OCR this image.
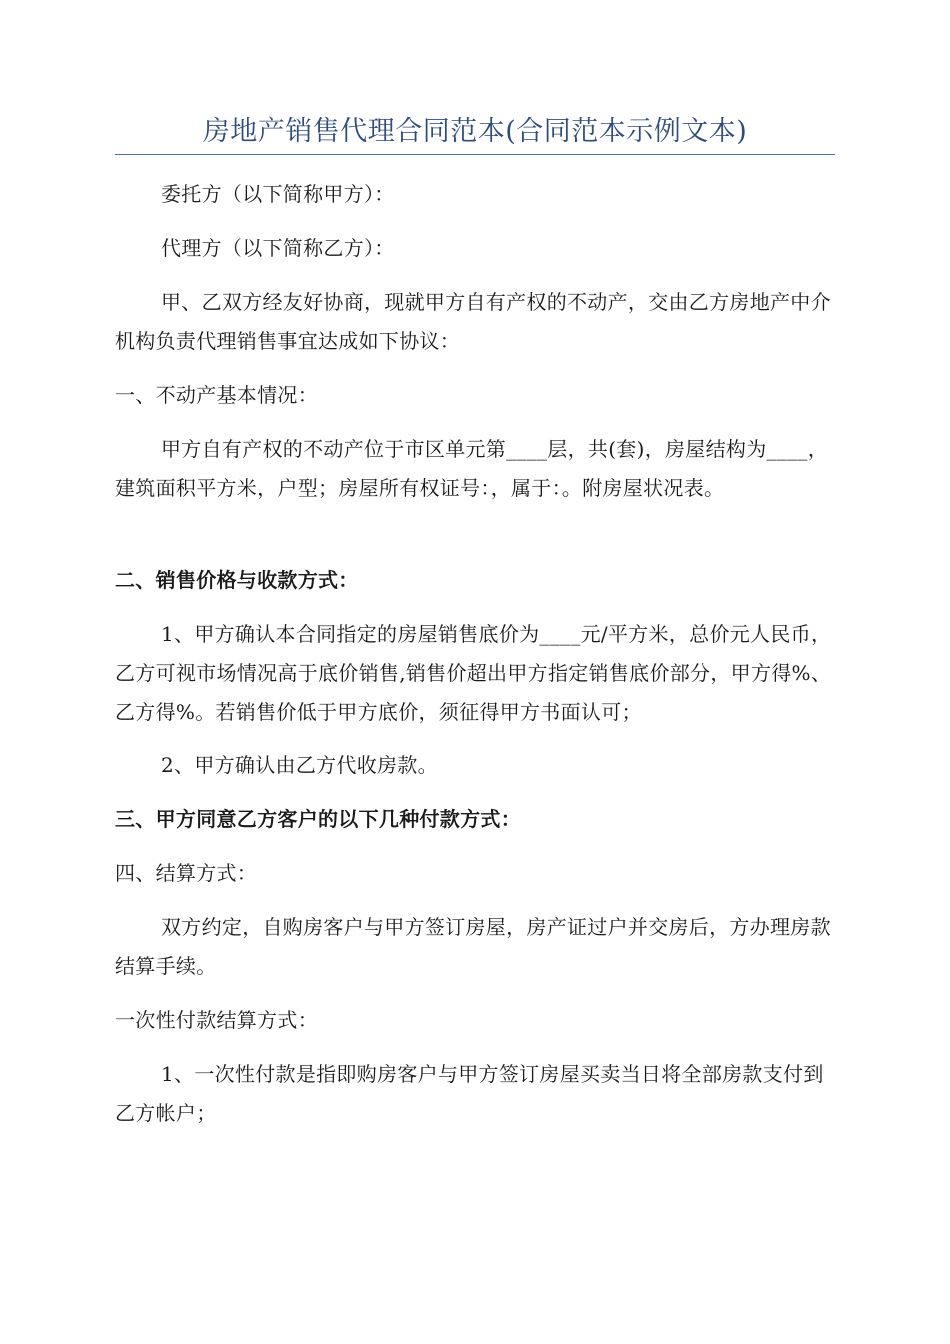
房地产销售代理合同范本(合同范本示例文本)

委托方（以下简称甲方）：

代理方（以下简称乙方）：

甲、乙双方经友好协商，现就甲方自有产权的不动产，交由乙方房地产中介机构负责代理销售事宜达成如下协议：

一、不动产基本情况：

甲方自有产权的不动产位于市区单元第____层，共(套)，房屋结构为____，建筑面积平方米，户型；房屋所有权证号：，属于：。附房屋状况表。

二、销售价格与收款方式：

1、甲方确认本合同指定的房屋销售底价为____元/平方米，总价元人民币，乙方可视市场情况高于底价销售,销售价超出甲方指定销售底价部分，甲方得%、乙方得%。若销售价低于甲方底价，须征得甲方书面认可；

2、甲方确认由乙方代收房款。

三、甲方同意乙方客户的以下几种付款方式：

四、结算方式：

双方约定，自购房客户与甲方签订房屋，房产证过户并交房后，方办理房款结算手续。

一次性付款结算方式：

1、一次性付款是指即购房客户与甲方签订房屋买卖当日将全部房款支付到乙方帐户；
